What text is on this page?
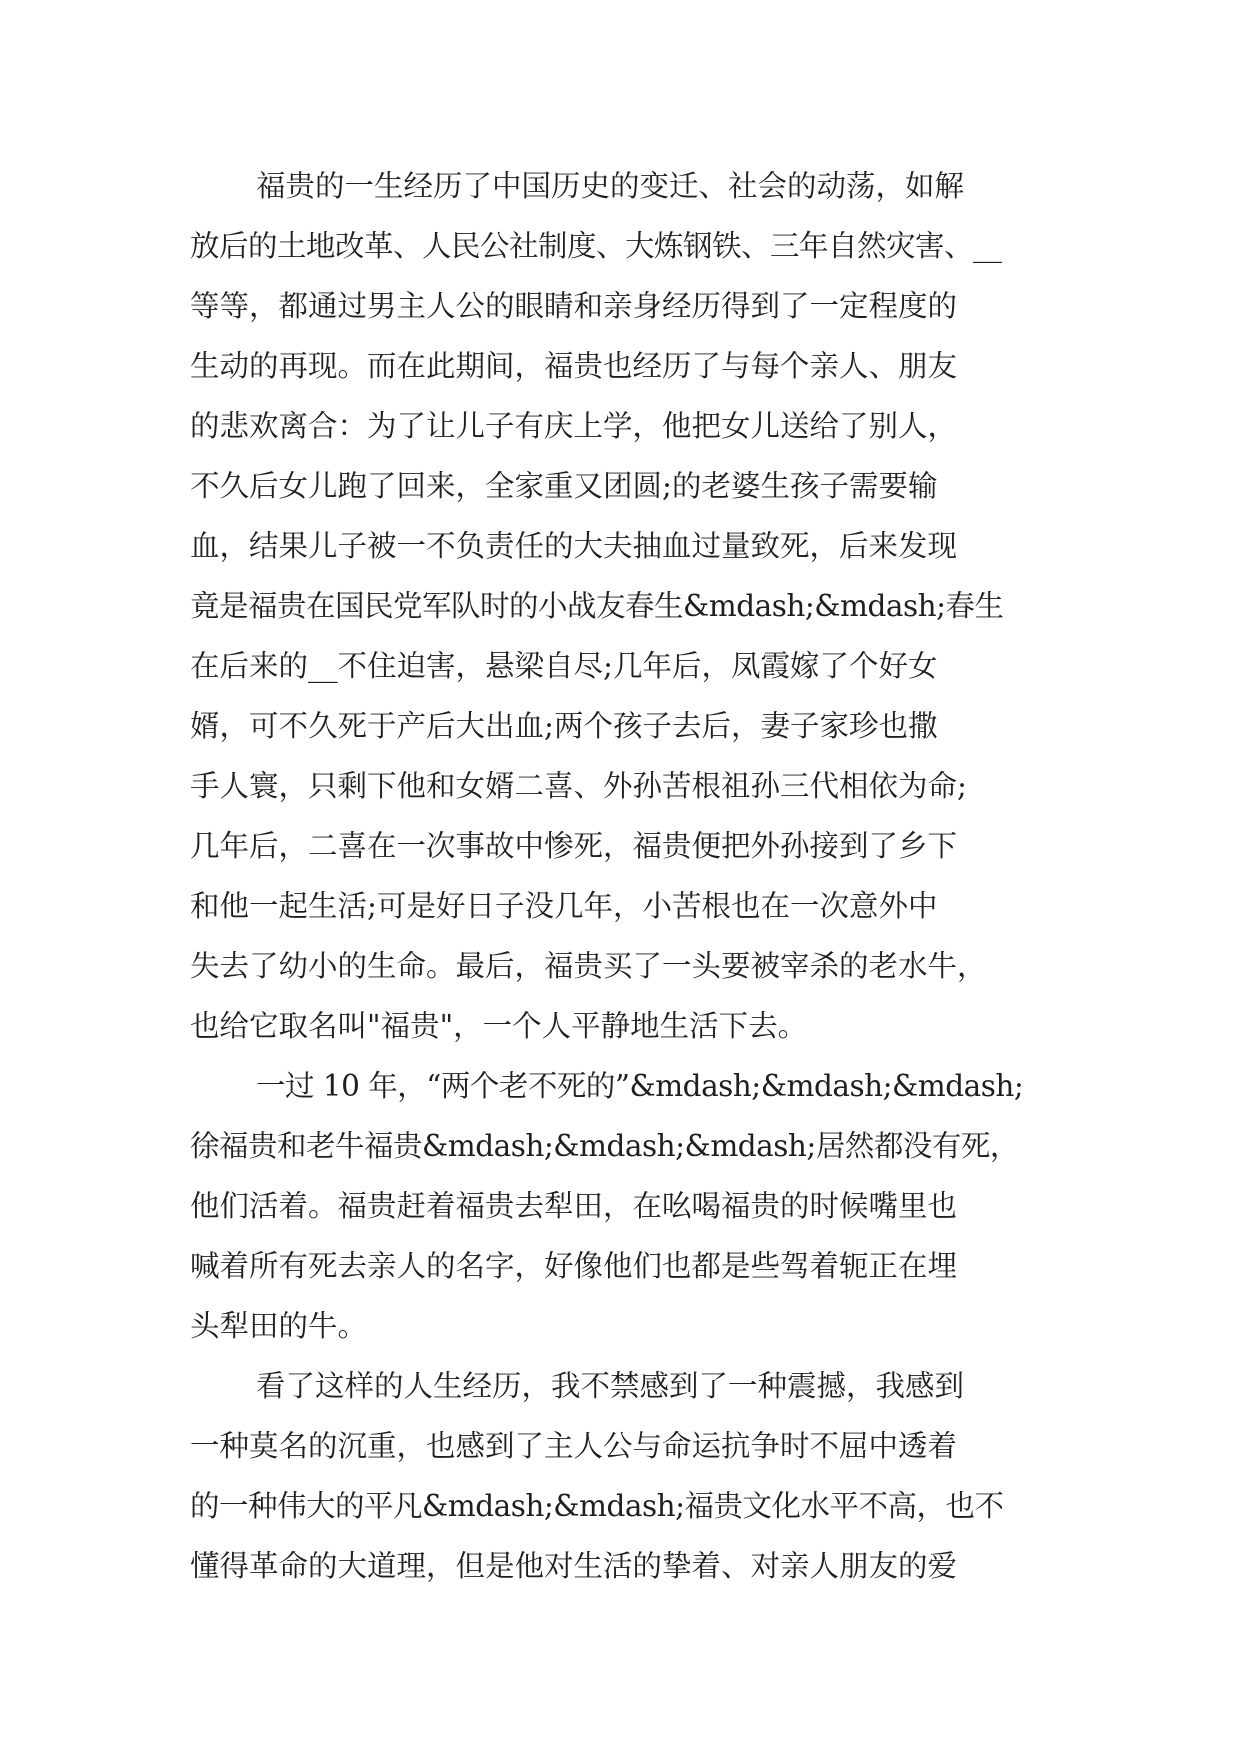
福贵的一生经历了中国历史的变迁、社会的动荡，如解
放后的土地改革、人民公社制度、大炼钢铁、三年自然灾害、__
等等，都通过男主人公的眼睛和亲身经历得到了一定程度的
生动的再现。而在此期间，福贵也经历了与每个亲人、朋友
的悲欢离合：为了让儿子有庆上学，他把女儿送给了别人，
不久后女儿跑了回来，全家重又团圆;的老婆生孩子需要输
血，结果儿子被一不负责任的大夫抽血过量致死，后来发现
竟是福贵在国民党军队时的小战友春生&mdash;&mdash;春生
在后来的__不住迫害，悬梁自尽;几年后，凤霞嫁了个好女
婿，可不久死于产后大出血;两个孩子去后，妻子家珍也撒
手人寰，只剩下他和女婿二喜、外孙苦根祖孙三代相依为命;
几年后，二喜在一次事故中惨死，福贵便把外孙接到了乡下
和他一起生活;可是好日子没几年，小苦根也在一次意外中
失去了幼小的生命。最后，福贵买了一头要被宰杀的老水牛，
也给它取名叫"福贵"，一个人平静地生活下去。
一过 10 年，“两个老不死的”&mdash;&mdash;&mdash;
徐福贵和老牛福贵&mdash;&mdash;&mdash;居然都没有死，
他们活着。福贵赶着福贵去犁田，在吆喝福贵的时候嘴里也
喊着所有死去亲人的名字，好像他们也都是些驾着轭正在埋
头犁田的牛。
看了这样的人生经历，我不禁感到了一种震撼，我感到
一种莫名的沉重，也感到了主人公与命运抗争时不屈中透着
的一种伟大的平凡&mdash;&mdash;福贵文化水平不高，也不
懂得革命的大道理，但是他对生活的挚着、对亲人朋友的爱
